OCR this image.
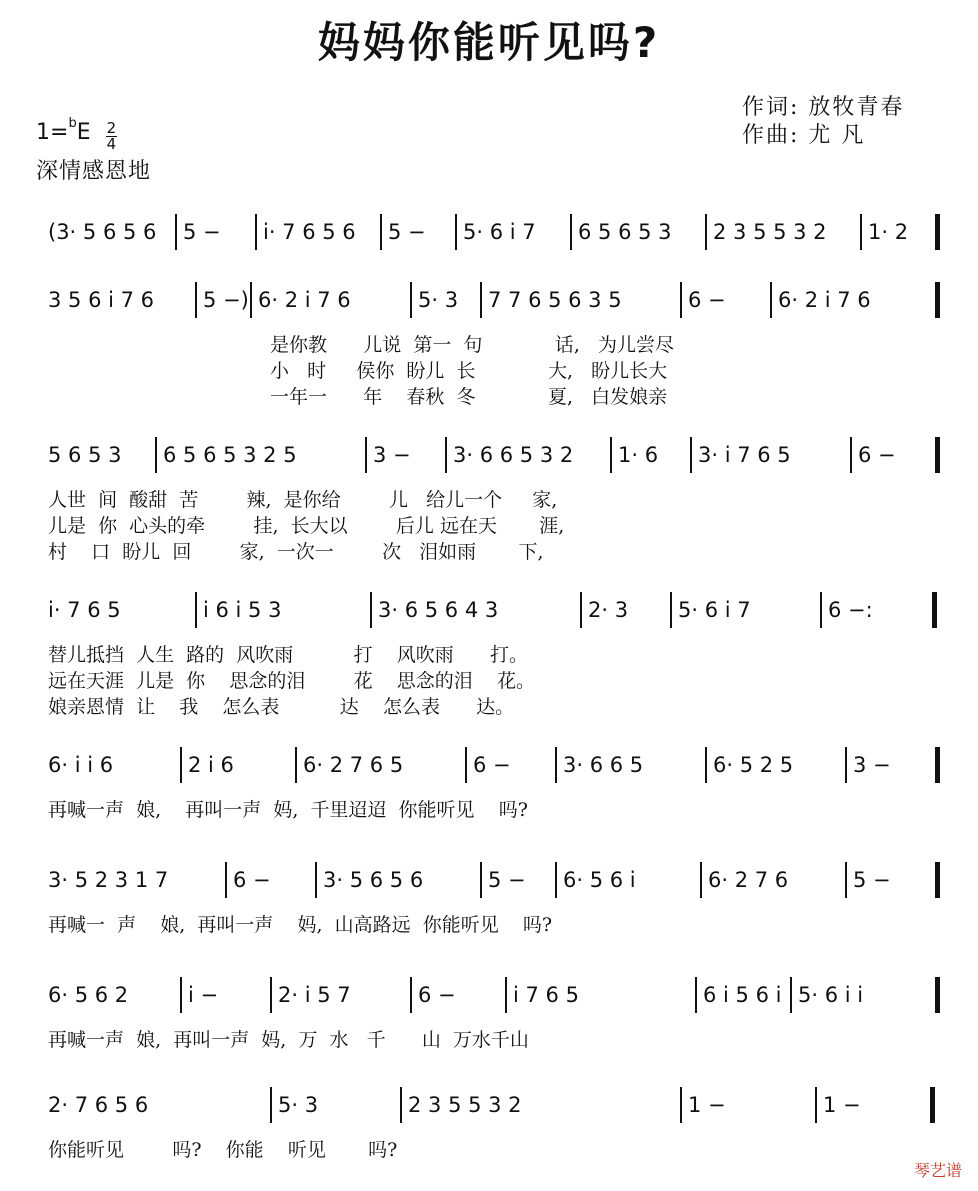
妈妈你能听见吗?
作词: 放牧青春
作曲: 尤 凡
$1=^bE \frac{2}{4}$
深情感恩地
(3· 5 6 5 6 5 − i· 7 6 5 6 5 − 5· 6 i 7 6 5 6 5 3 2 3 5 5 3 2 1· 2
3 5 6 i 7 6 5 −) 6· 2 i 7 6	5· 3 7 7 6 5 6 3 5	6 − 6· 2 i 7 6
是你教      儿说  第一  句            话,   为儿尝尽
小   时     侯你  盼儿  长            大,   盼儿长大
一年一      年    春秋  冬            夏,   白发娘亲
5 6 5 3 6 5 6 5 3 2 5	3 − 3· 6 6 5 3 2 1· 6 3· i 7 6 5	6 −
人世  间  酸甜  苦        辣,  是你给        儿   给儿一个     家,
儿是  你  心头的牵        挂,  长大以        后儿 远在天       涯,
村    口  盼儿  回        家,  一次一        次   泪如雨       下,
i· 7 6 5	i 6 i 5 3	3· 6 5 6 4 3	2· 3 5· 6 i 7	6 −:
替儿抵挡  人生  路的  风吹雨          打    风吹雨      打。
远在天涯  儿是  你    思念的泪        花    思念的泪    花。
娘亲恩情  让    我    怎么表          达    怎么表      达。
6· i i 6	2 i 6	6· 2 7 6 5	6 − 3· 6 6 5	6· 5 2 5	3 −
再喊一声  娘,    再叫一声  妈,  千里迢迢  你能听见    吗?
3· 5 2 3 1 7	6 − 3· 5 6 5 6	5 − 6· 5 6 i	6· 2 7 6	5 −
再喊一  声    娘,  再叫一声    妈,  山高路远  你能听见    吗?
6· 5 6 2	i −	2· i 5 7	6 −	i 7 6 5	6 i 5 6 i 5· 6 i i
再喊一声  娘,  再叫一声  妈,  万  水   千      山  万水千山
2· 7 6 5 6	5· 3	2 3 5 5 3 2	1 −	1 −
你能听见        吗?    你能    听见       吗?
琴艺谱
